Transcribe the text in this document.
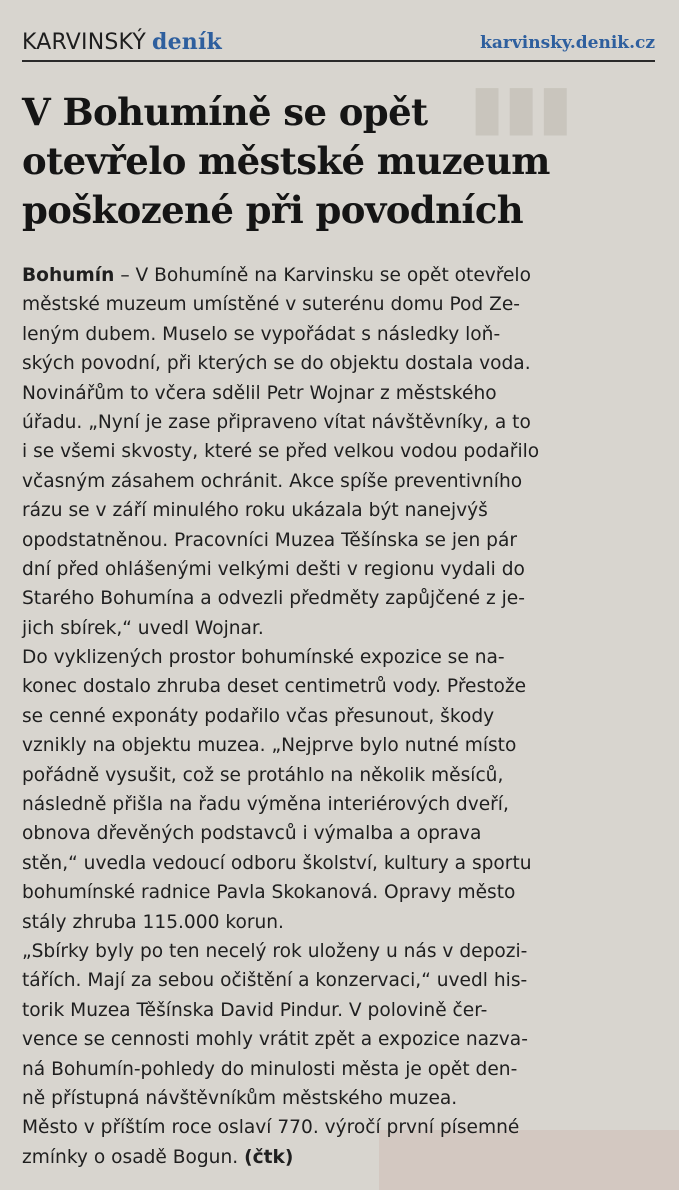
▮▮▮
KARVINSKÝ deník	karvinsky.denik.cz
V Bohumíně se opět
otevřelo městské muzeum
poškozené při povodních
Bohumín – V Bohumíně na Karvinsku se opět otevřelo
městské muzeum umístěné v suterénu domu Pod Ze-
leným dubem. Muselo se vypořádat s následky loň-
ských povodní, při kterých se do objektu dostala voda.
Novinářům to včera sdělil Petr Wojnar z městského
úřadu. „Nyní je zase připraveno vítat návštěvníky, a to
i se všemi skvosty, které se před velkou vodou podařilo
včasným zásahem ochránit. Akce spíše preventivního
rázu se v září minulého roku ukázala být nanejvýš
opodstatněnou. Pracovníci Muzea Těšínska se jen pár
dní před ohlášenými velkými dešti v regionu vydali do
Starého Bohumína a odvezli předměty zapůjčené z je-
jich sbírek,“ uvedl Wojnar.
Do vyklizených prostor bohumínské expozice se na-
konec dostalo zhruba deset centimetrů vody. Přestože
se cenné exponáty podařilo včas přesunout, škody
vznikly na objektu muzea. „Nejprve bylo nutné místo
pořádně vysušit, což se protáhlo na několik měsíců,
následně přišla na řadu výměna interiérových dveří,
obnova dřevěných podstavců i výmalba a oprava
stěn,“ uvedla vedoucí odboru školství, kultury a sportu
bohumínské radnice Pavla Skokanová. Opravy město
stály zhruba 115.000 korun.
„Sbírky byly po ten necelý rok uloženy u nás v depozi-
tářích. Mají za sebou očištění a konzervaci,“ uvedl his-
torik Muzea Těšínska David Pindur. V polovině čer-
vence se cennosti mohly vrátit zpět a expozice nazva-
ná Bohumín-pohledy do minulosti města je opět den-
ně přístupná návštěvníkům městského muzea.
Město v příštím roce oslaví 770. výročí první písemné
zmínky o osadě Bogun. (čtk)
